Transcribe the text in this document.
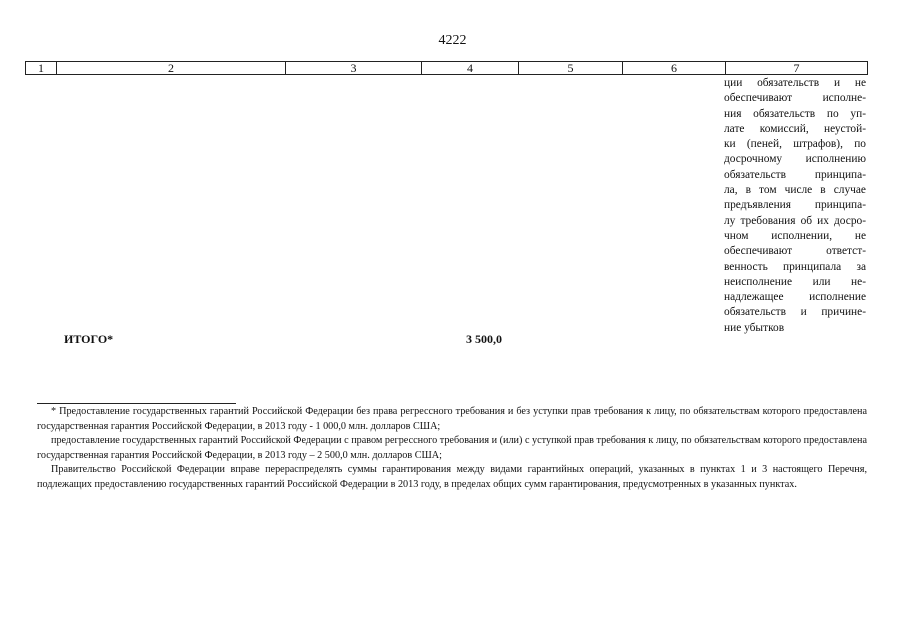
4222
1	2	3	4	5	6	7
ции обязательств и не
обеспечивают исполне-
ния обязательств по уп-
лате комиссий, неустой-
ки (пеней, штрафов), по
досрочному исполнению
обязательств принципа-
ла, в том числе в случае
предъявления принципа-
лу требования об их досро-
чном исполнении, не
обеспечивают ответст-
венность принципала за
неисполнение или не-
надлежащее исполнение
обязательств и причине-
ние убытков
ИТОГО*	3 500,0

* Предоставление государственных гарантий Российской Федерации без права регрессного требования и без уступки прав требования к лицу, по обязательствам которого предоставлена государственная гарантия Российской Федерации, в 2013 году - 1 000,0 млн. долларов США;

предоставление государственных гарантий Российской Федерации с правом регрессного требования и (или) с уступкой прав требования к лицу, по обязательствам которого предоставлена государственная гарантия Российской Федерации, в 2013 году – 2 500,0 млн. долларов США;

Правительство Российской Федерации вправе перераспределять суммы гарантирования между видами гарантийных операций, указанных в пунктах 1 и 3 настоящего Перечня, подлежащих предоставлению государственных гарантий Российской Федерации в 2013 году, в пределах общих сумм гарантирования, предусмотренных в указанных пунктах.
